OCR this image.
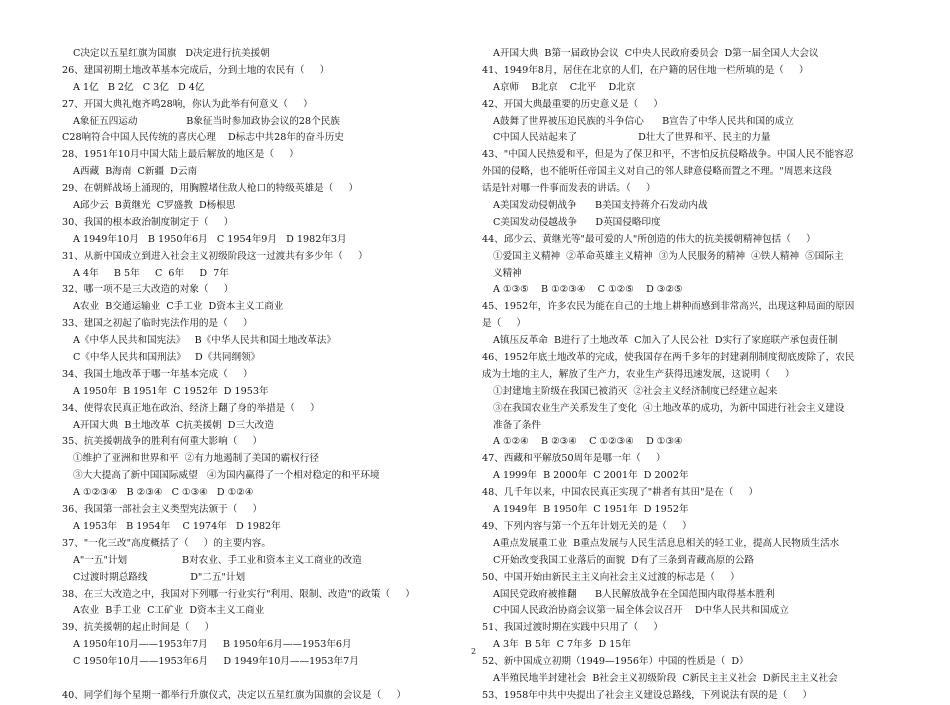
C决定以五星红旗为国旗   D决定进行抗美援朝
26、建国初期土地改革基本完成后，分到土地的农民有（     ）
A 1亿   B 2亿   C 3亿   D 4亿
27、开国大典礼炮齐鸣28响，你认为此举有何意义（     ）
A象征五四运动                B象征当时参加政协会议的28个民族
C28响符合中国人民传统的喜庆心理    D标志中共28年的奋斗历史
28、1951年10月中国大陆上最后解放的地区是（     ）
A西藏  B海南  C新疆  D云南
29、在朝鲜战场上涌现的，用胸膛堵住敌人枪口的特级英雄是（     ）
A邱少云  B黄继光  C罗盛教  D杨根思
30、我国的根本政治制度制定于（     ）
A 1949年10月   B 1950年6月   C 1954年9月   D 1982年3月
31、从新中国成立到进入社会主义初级阶段这一过渡共有多少年（     ）
A 4年     B 5年     C  6年     D  7年
32、哪一项不是三大改造的对象（     ）
A农业  B交通运输业  C手工业  D资本主义工商业
33、建国之初起了临时宪法作用的是（     ）
A《中华人民共和国宪法》   B《中华人民共和国土地改革法》
C《中华人民共和国刑法》   D《共同纲领》
34、我国土地改革于哪一年基本完成（     ）
A 1950年  B 1951年  C 1952年  D 1953年
34、使得农民真正地在政治、经济上翻了身的举措是（     ）
A开国大典  B土地改革  C抗美援朝  D三大改造
35、抗美援朝战争的胜利有何重大影响（     ）
①维护了亚洲和世界和平  ②有力地遏制了美国的霸权行径
③大大提高了新中国国际威望   ④为国内赢得了一个相对稳定的和平环境
A ①②③④   B ②③④   C ①③④   D ①②④
36、我国第一部社会主义类型宪法颁于（     ）
A 1953年   B 1954年    C 1974年   D 1982年
37、"一化三改"高度概括了（     ）的主要内容。
A"一五"计划                  B对农业、手工业和资本主义工商业的改造
C过渡时期总路线              D"二五"计划
38、在三大改造之中，我国对下列哪一行业实行"利用、限制、改造"的政策（     ）
A农业  B手工业  C工矿业  D资本主义工商业
39、抗美援朝的起止时间是（     ）
A 1950年10月——1953年7月     B 1950年6月——1953年6月
C 1950年10月——1953年6月     D 1949年10月——1953年7月
40、同学们每个星期一都举行升旗仪式，决定以五星红旗为国旗的会议是（     ）
A开国大典  B第一届政协会议  C中央人民政府委员会  D第一届全国人大会议
41、1949年8月，居住在北京的人们，在户籍的居住地一栏所填的是（     ）
A京师    B北京    C北平    D北京
42、开国大典最重要的历史意义是（     ）
A鼓舞了世界被压迫民族的斗争信心      B宣告了中华人民共和国的成立
C中国人民站起来了                    D壮大了世界和平、民主的力量
43、"中国人民热爱和平，但是为了保卫和平，不害怕反抗侵略战争。中国人民不能容忍
外国的侵略，也不能听任帝国主义对自己的邻人肆意侵略而置之不理。"周恩来这段
话是针对哪一件事而发表的讲话。（     ）
A美国发动侵朝战争      B美国支持蒋介石发动内战
C美国发动侵越战争      D英国侵略印度
44、邱少云、黄继光等"最可爱的人"所创造的伟大的抗美援朝精神包括（     ）
①爱国主义精神  ②革命英雄主义精神  ③为人民服务的精神  ④铁人精神  ⑤国际主
义精神
A ①③⑤    B ①②③④    C ①②⑤    D ③②⑤
45、1952年，许多农民为能在自己的土地上耕种而感到非常高兴，出现这种局面的原因
是（     ）
A镇压反革命  B进行了土地改革  C加入了人民公社  D实行了家庭联产承包责任制
46、1952年底土地改革的完成，使我国存在两千多年的封建剥削制度彻底废除了，农民
成为土地的主人，解放了生产力，农业生产获得迅速发展，这说明（     ）
①封建地主阶级在我国已被消灭  ②社会主义经济制度已经建立起来
③在我国农业生产关系发生了变化  ④土地改革的成功，为新中国进行社会主义建设
准备了条件
A ①②④    B ②③④    C ①②③④    D ①③④
47、西藏和平解放50周年是哪一年（     ）
A 1999年  B 2000年  C 2001年  D 2002年
48、几千年以来，中国农民真正实现了"耕者有其田"是在（     ）
A 1949年  B 1950年  C 1951年  D 1952年
49、下列内容与第一个五年计划无关的是（     ）
A重点发展重工业  B重点发展与人民生活息息相关的轻工业，提高人民物质生活水
C开始改变我国工业落后的面貌  D有了三条到青藏高原的公路
50、中国开始由新民主主义向社会主义过渡的标志是（     ）
A国民党政府被推翻      B人民解放战争在全国范围内取得基本胜利
C中国人民政治协商会议第一届全体会议召开    D中华人民共和国成立
51、我国过渡时期在实践中只用了（     ）
A 3年  B 5年  C 7年多  D 15年
52、新中国成立初期（1949—1956年）中国的性质是（  D）
A半殖民地半封建社会  B社会主义初级阶段  C新民主主义社会  D新民主主义社会
53、1958年中共中央提出了社会主义建设总路线，下列说法有误的是（     ）
2
